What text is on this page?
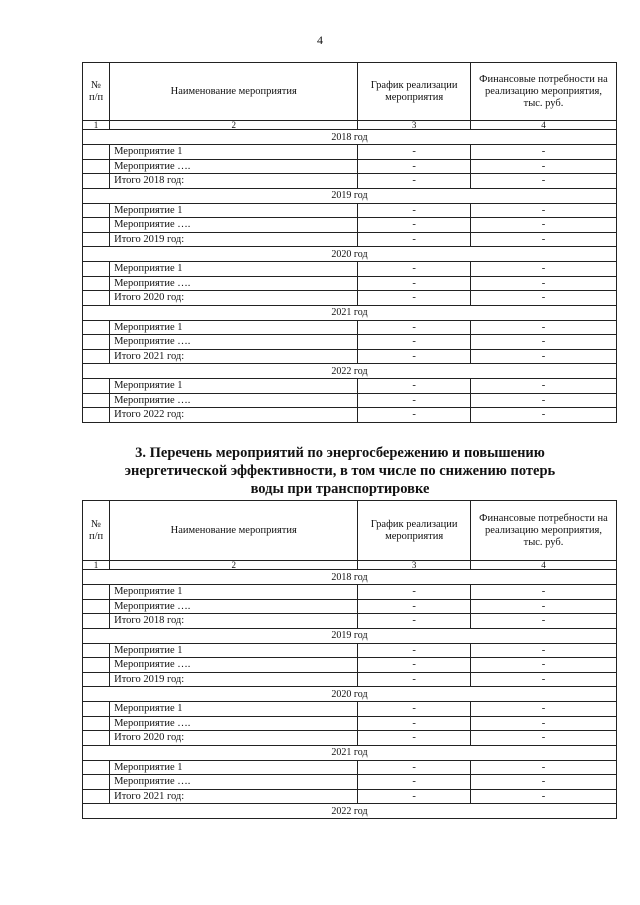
4
№ п/п	Наименование мероприятия	График реализации мероприятия	Финансовые потребности на реализацию мероприятия, тыс. руб.
1	2	3	4
2018 год			
	Мероприятие 1	-	-
	Мероприятие ….	-	-
	Итого 2018 год:	-	-
2019 год			
	Мероприятие 1	-	-
	Мероприятие ….	-	-
	Итого 2019 год:	-	-
2020 год			
	Мероприятие 1	-	-
	Мероприятие ….	-	-
	Итого 2020 год:	-	-
2021 год			
	Мероприятие 1	-	-
	Мероприятие ….	-	-
	Итого 2021 год:	-	-
2022 год			
	Мероприятие 1	-	-
	Мероприятие ….	-	-
	Итого 2022 год:	-	-
3. Перечень мероприятий по энергосбережению и повышению энергетической эффективности, в том числе по снижению потерь воды при транспортировке
№ п/п	Наименование мероприятия	График реализации мероприятия	Финансовые потребности на реализацию мероприятия, тыс. руб.
1	2	3	4
2018 год			
	Мероприятие 1	-	-
	Мероприятие ….	-	-
	Итого 2018 год:	-	-
2019 год			
	Мероприятие 1	-	-
	Мероприятие ….	-	-
	Итого 2019 год:	-	-
2020 год			
	Мероприятие 1	-	-
	Мероприятие ….	-	-
	Итого 2020 год:	-	-
2021 год			
	Мероприятие 1	-	-
	Мероприятие ….	-	-
	Итого 2021 год:	-	-
2022 год			
